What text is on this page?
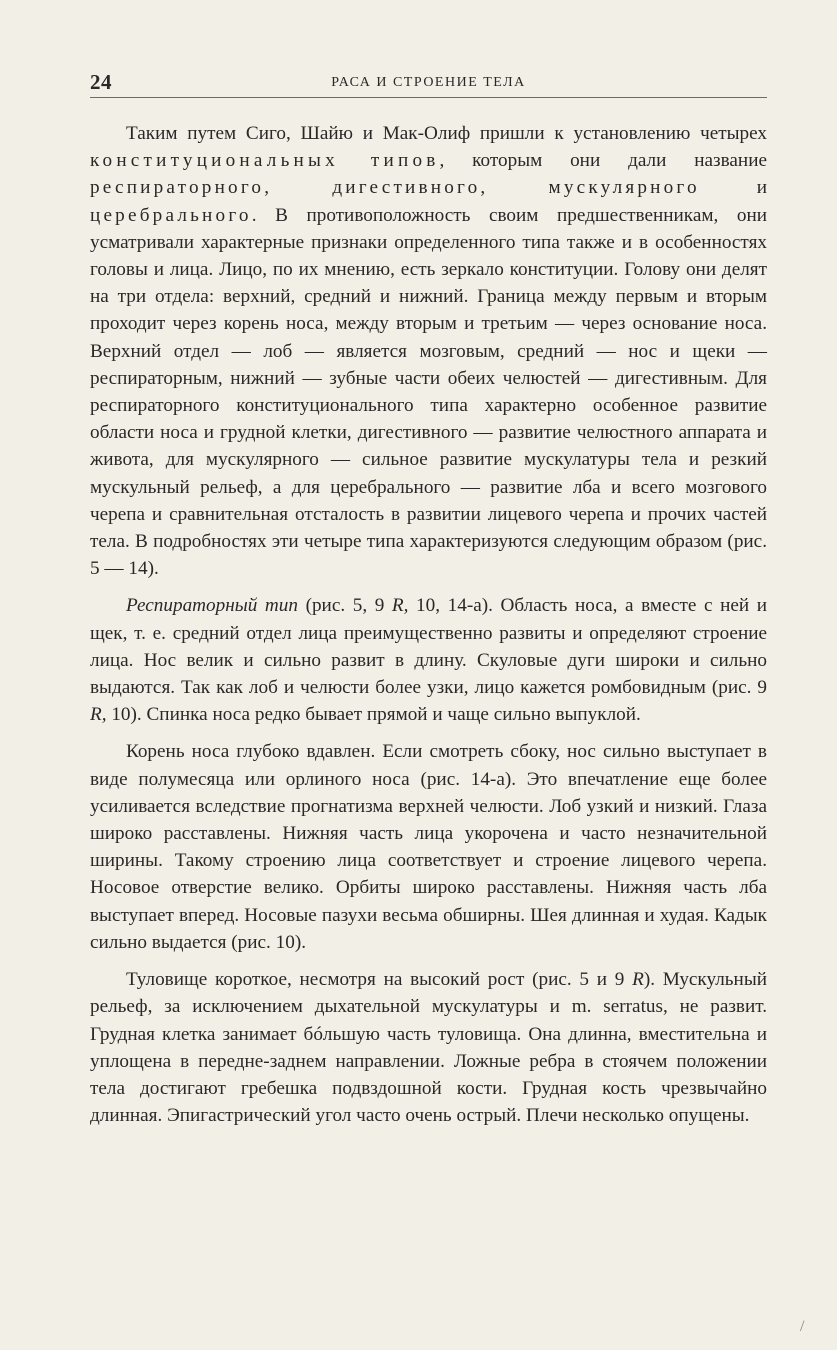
24	РАСА И СТРОЕНИЕ ТЕЛА

Таким путем Сиго, Шайю и Мак-Олиф пришли к установлению четырех конституциональных типов, которым они дали название респираторного, дигестивного, мускулярного и церебрального. В противоположность своим предшественникам, они усматривали характерные признаки определенного типа также и в особенностях головы и лица. Лицо, по их мнению, есть зеркало конституции. Голову они делят на три отдела: верхний, средний и нижний. Граница между первым и вторым проходит через корень носа, между вторым и третьим — через основание носа. Верхний отдел — лоб — является мозговым, средний — нос и щеки — респираторным, нижний — зубные части обеих челюстей — дигестивным. Для респираторного конституционального типа характерно особенное развитие области носа и грудной клетки, дигестивного — развитие челюстного аппарата и живота, для мускулярного — сильное развитие мускулатуры тела и резкий мускульный рельеф, а для церебрального — развитие лба и всего мозгового черепа и сравнительная отсталость в развитии лицевого черепа и прочих частей тела. В подробностях эти четыре типа характеризуются следующим образом (рис. 5 — 14).

Респираторный тип (рис. 5, 9 R, 10, 14-а). Область носа, а вместе с ней и щек, т. е. средний отдел лица преимущественно развиты и определяют строение лица. Нос велик и сильно развит в длину. Скуловые дуги широки и сильно выдаются. Так как лоб и челюсти более узки, лицо кажется ромбовидным (рис. 9 R, 10). Спинка носа редко бывает прямой и чаще сильно выпуклой.

Корень носа глубоко вдавлен. Если смотреть сбоку, нос сильно выступает в виде полумесяца или орлиного носа (рис. 14-а). Это впечатление еще более усиливается вследствие прогнатизма верхней челюсти. Лоб узкий и низкий. Глаза широко расставлены. Нижняя часть лица укорочена и часто незначительной ширины. Такому строению лица соответствует и строение лицевого черепа. Носовое отверстие велико. Орбиты широко расставлены. Нижняя часть лба выступает вперед. Носовые пазухи весьма обширны. Шея длинная и худая. Кадык сильно выдается (рис. 10).

Туловище короткое, несмотря на высокий рост (рис. 5 и 9 R). Мускульный рельеф, за исключением дыхательной мускулатуры и m. serratus, не развит. Грудная клетка занимает бóльшую часть туловища. Она длинна, вместительна и уплощена в передне-заднем направлении. Ложные ребра в стоячем положении тела достигают гребешка подвздошной кости. Грудная кость чрезвычайно длинная. Эпигастрический угол часто очень острый. Плечи несколько опущены.

/
